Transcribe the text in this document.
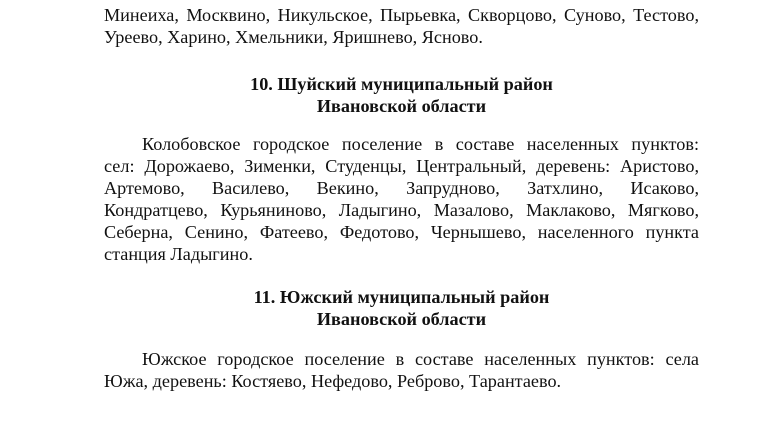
Минеиха, Москвино, Никульское, Пырьевка, Скворцово, Суново, Тестово,
Уреево, Харино, Хмельники, Яришнево, Ясново.
10. Шуйский муниципальный район
Ивановской области
Колобовское городское поселение в составе населенных пунктов:
сел: Дорожаево, Зименки, Студенцы, Центральный, деревень: Аристово,
Артемово, Василево, Векино, Запруднoво, Затхлино, Исаково,
Кондратцево, Курьянинoво, Ладыгино, Мазалово, Маклаково, Мягково,
Себерна, Сенино, Фатеево, Федотово, Чернышево, населенного пункта
станция Ладыгино.
11. Южский муниципальный район
Ивановской области
Южское городское поселение в составе населенных пунктов: села
Южа, деревень: Костяево, Нефедово, Ребрoво, Тарантаево.
